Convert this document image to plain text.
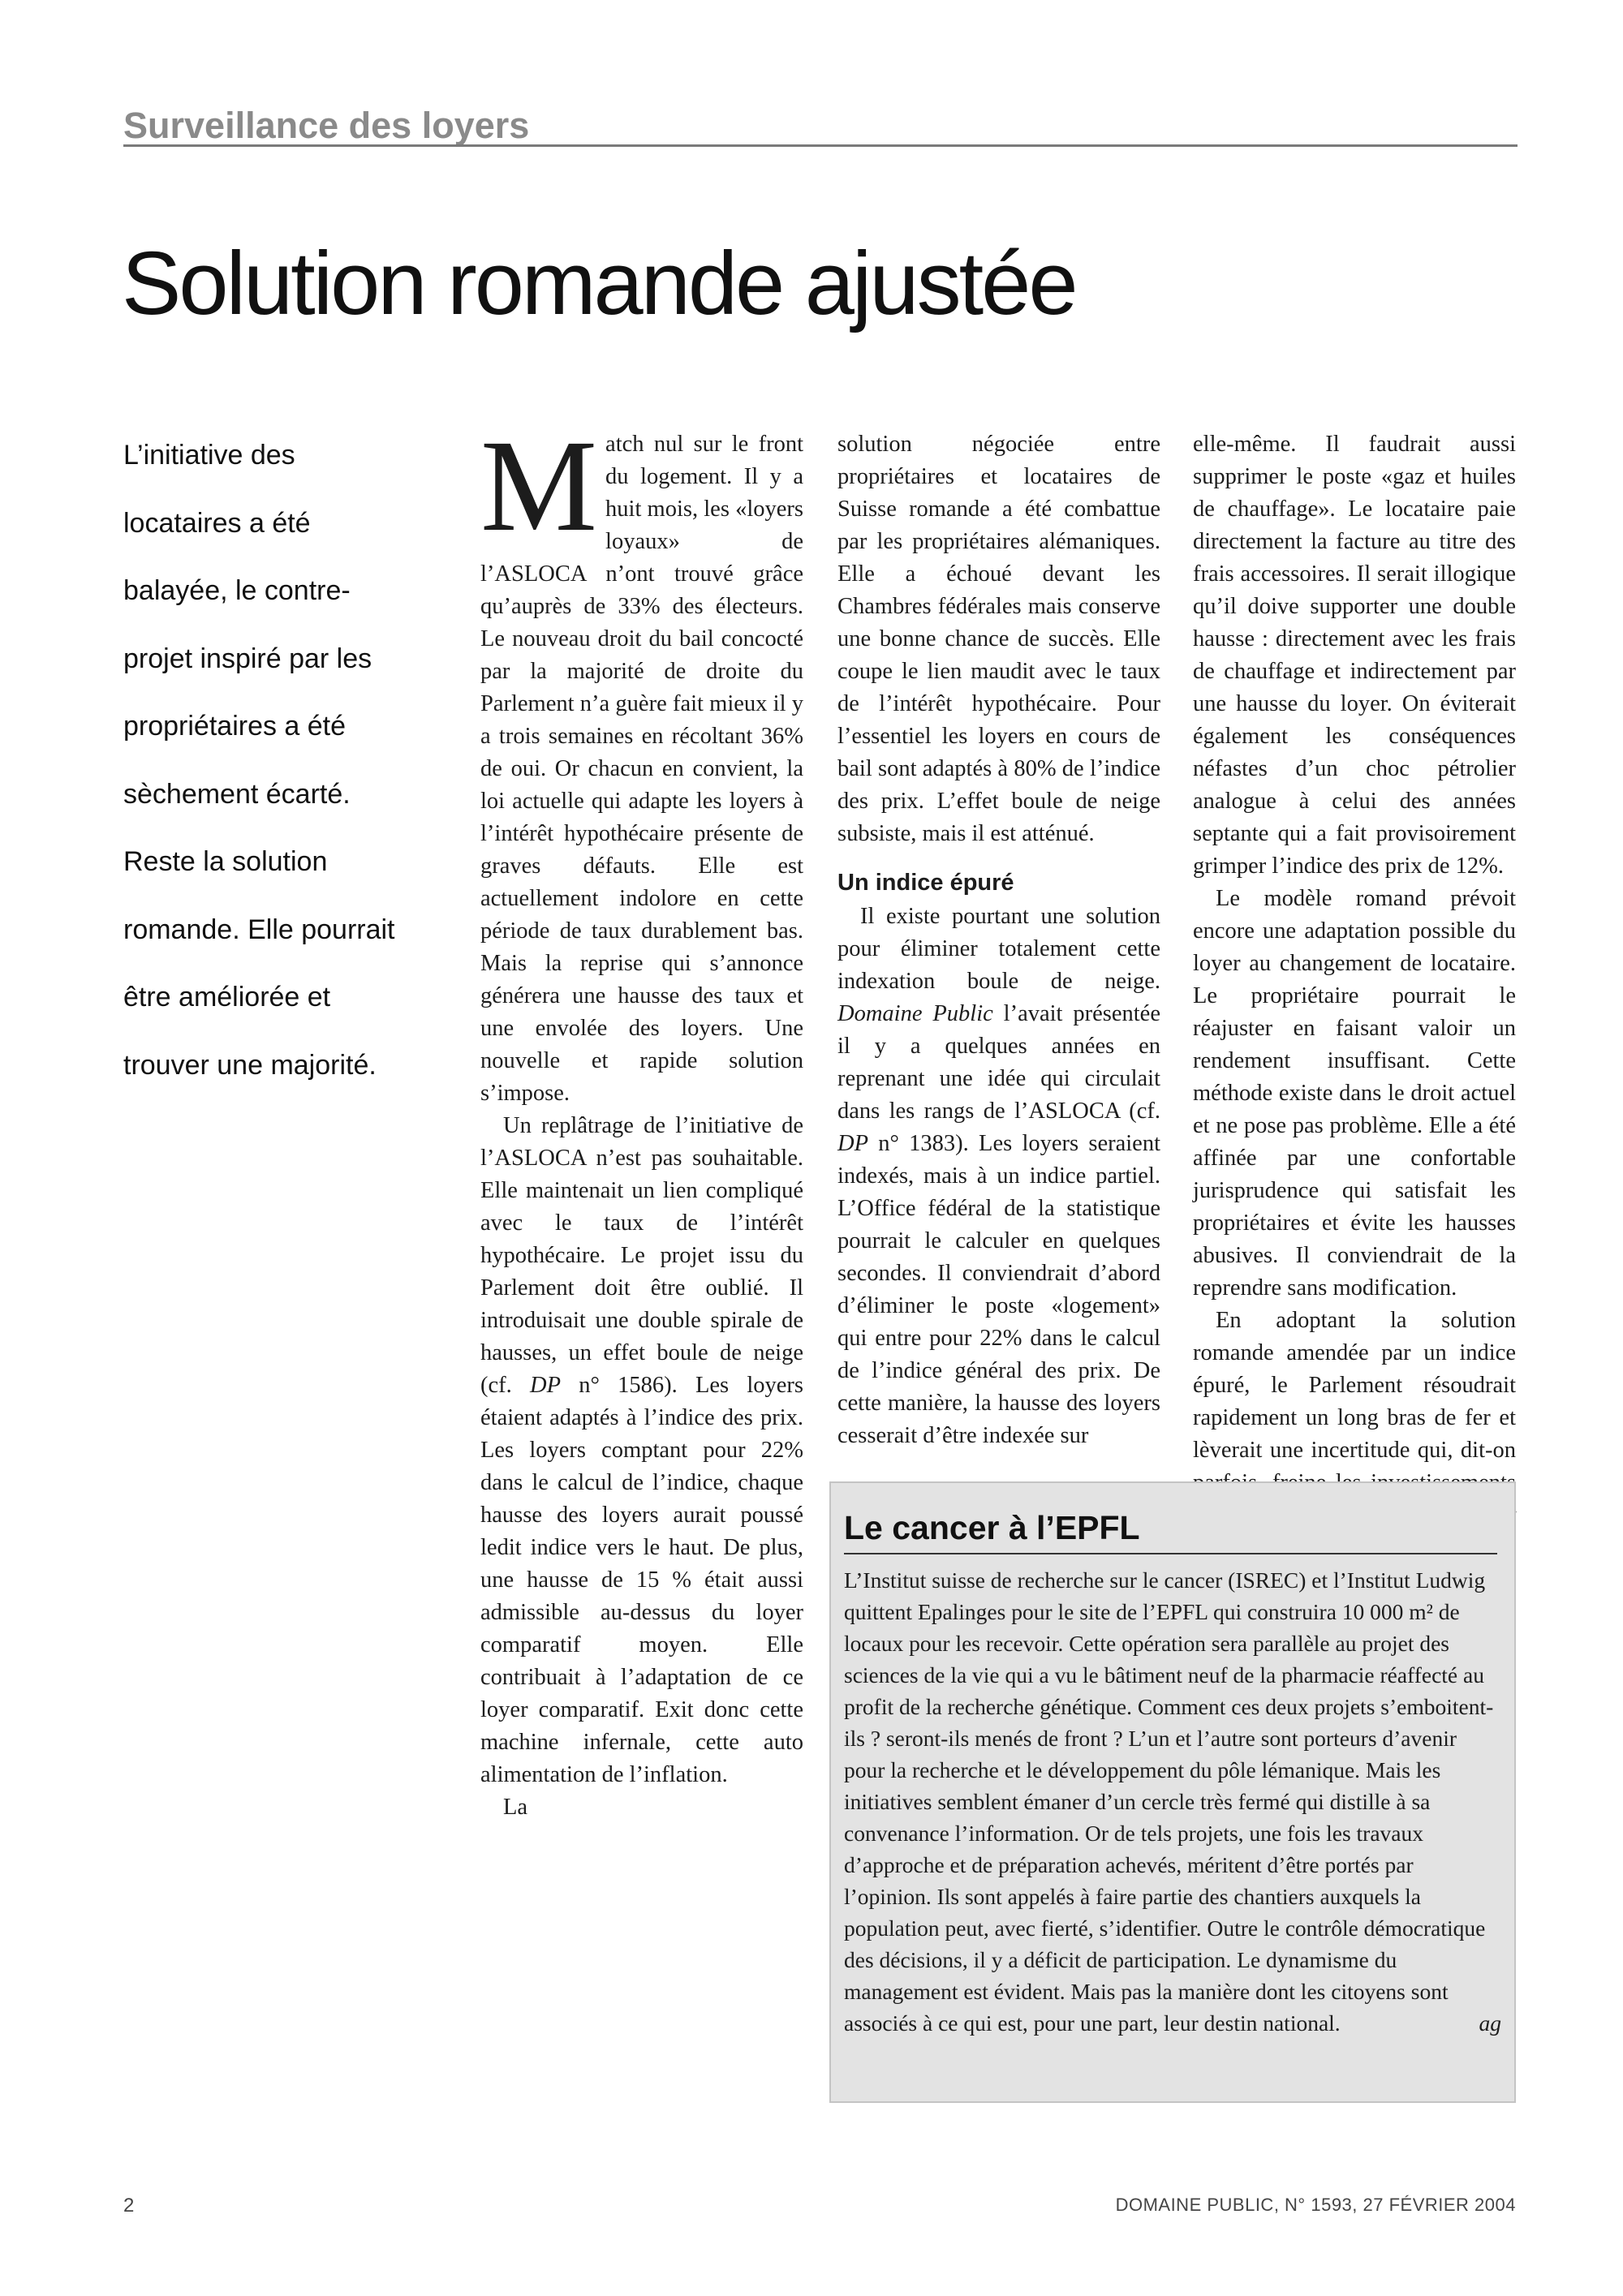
Surveillance des loyers
Solution romande ajustée

L’initiative des locataires a été balayée, le contre-projet inspiré par les propriétaires a été sèchement écarté. Reste la solution romande. Elle pourrait être améliorée et trouver une majorité.

Match nul sur le front du logement. Il y a huit mois, les «loyers loyaux» de l’ASLOCA n’ont trouvé grâce qu’auprès de 33% des électeurs. Le nouveau droit du bail concocté par la majorité de droite du Parlement n’a guère fait mieux il y a trois semaines en récoltant 36% de oui. Or chacun en convient, la loi actuelle qui adapte les loyers à l’intérêt hypothécaire présente de graves défauts. Elle est actuellement indolore en cette période de taux durablement bas. Mais la reprise qui s’annonce générera une hausse des taux et une envolée des loyers. Une nouvelle et rapide solution s’impose.

Un replâtrage de l’initiative de l’ASLOCA n’est pas souhaitable. Elle maintenait un lien compliqué avec le taux de l’intérêt hypothécaire. Le projet issu du Parlement doit être oublié. Il introduisait une double spirale de hausses, un effet boule de neige (cf. DP n° 1586). Les loyers étaient adaptés à l’indice des prix. Les loyers comptant pour 22% dans le calcul de l’indice, chaque hausse des loyers aurait poussé ledit indice vers le haut. De plus, une hausse de 15 % était aussi admissible au-dessus du loyer comparatif moyen. Elle contribuait à l’adaptation de ce loyer comparatif. Exit donc cette machine infernale, cette auto alimentation de l’inflation.

La

solution négociée entre propriétaires et locataires de Suisse romande a été combattue par les propriétaires alémaniques. Elle a échoué devant les Chambres fédérales mais conserve une bonne chance de succès. Elle coupe le lien maudit avec le taux de l’intérêt hypothécaire. Pour l’essentiel les loyers en cours de bail sont adaptés à 80% de l’indice des prix. L’effet boule de neige subsiste, mais il est atténué.

Un indice épuré

Il existe pourtant une solution pour éliminer totalement cette indexation boule de neige. Domaine Public l’avait présentée il y a quelques années en reprenant une idée qui circulait dans les rangs de l’ASLOCA (cf. DP n° 1383). Les loyers seraient indexés, mais à un indice partiel. L’Office fédéral de la statistique pourrait le calculer en quelques secondes. Il conviendrait d’abord d’éliminer le poste «logement» qui entre pour 22% dans le calcul de l’indice général des prix. De cette manière, la hausse des loyers cesserait d’être indexée sur

elle-même. Il faudrait aussi supprimer le poste «gaz et huiles de chauffage». Le locataire paie directement la facture au titre des frais accessoires. Il serait illogique qu’il doive supporter une double hausse : directement avec les frais de chauffage et indirectement par une hausse du loyer. On éviterait également les conséquences néfastes d’un choc pétrolier analogue à celui des années septante qui a fait provisoirement grimper l’indice des prix de 12%.

Le modèle romand prévoit encore une adaptation possible du loyer au changement de locataire. Le propriétaire pourrait le réajuster en faisant valoir un rendement insuffisant. Cette méthode existe dans le droit actuel et ne pose pas problème. Elle a été affinée par une confortable jurisprudence qui satisfait les propriétaires et évite les hausses abusives. Il conviendrait de la reprendre sans modification.

En adoptant la solution romande amendée par un indice épuré, le Parlement résoudrait rapidement un long bras de fer et lèverait une incertitude qui, dit-on

Le cancer à l’EPFL

L’Institut suisse de recherche sur le cancer (ISREC) et l’Institut Ludwig quittent Epalinges pour le site de l’EPFL qui construira 10 000 m² de locaux pour les recevoir. Cette opération sera parallèle au projet des sciences de la vie qui a vu le bâtiment neuf de la pharmacie réaffecté au profit de la recherche génétique. Comment ces deux projets s’emboitent-ils ? seront-ils menés de front ? L’un et l’autre sont porteurs d’avenir pour la recherche et le développement du pôle lémanique. Mais les initiatives semblent émaner d’un cercle très fermé qui distille à sa convenance l’information. Or de tels projets, une fois les travaux d’approche et de préparation achevés, méritent d’être portés par l’opinion. Ils sont appelés à faire partie des chantiers auxquels la population peut, avec fierté, s’identifier. Outre le contrôle démocratique des décisions, il y a déficit de participation. Le dynamisme du management est évident. Mais pas la manière dont les citoyens sont associés à ce qui est, pour une part, leur destin national.	ag

2	DOMAINE PUBLIC, N° 1593, 27 FÉVRIER 2004
